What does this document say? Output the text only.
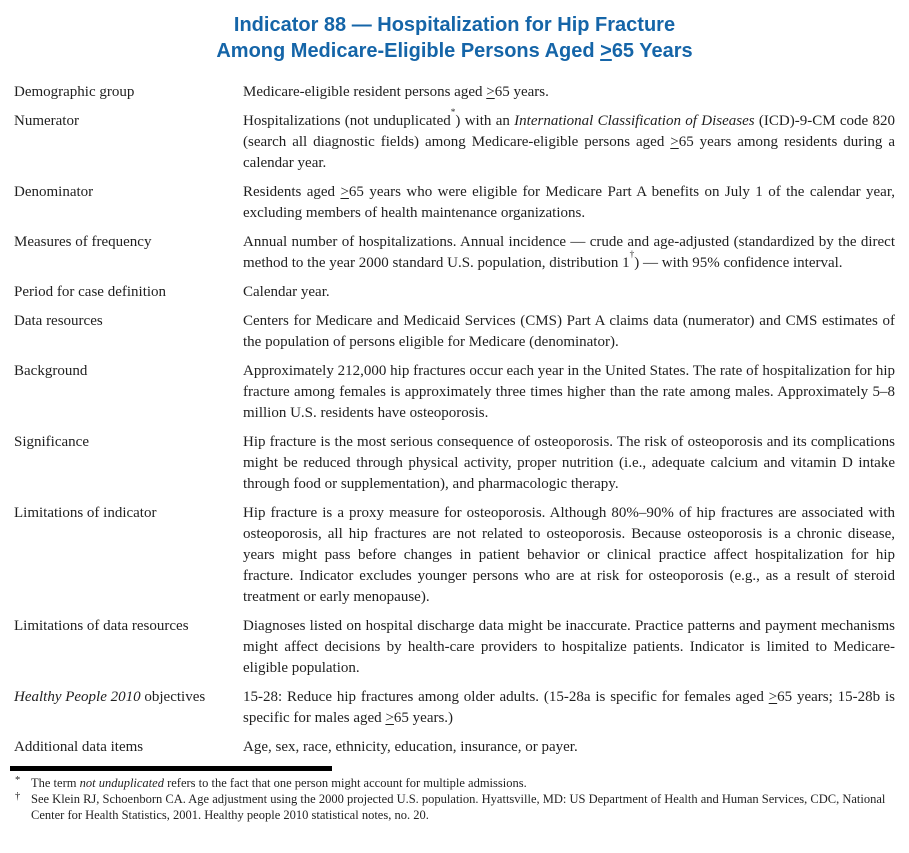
Indicator 88 — Hospitalization for Hip Fracture
Among Medicare-Eligible Persons Aged >65 Years
Demographic group	Medicare-eligible resident persons aged >65 years.
Numerator	Hospitalizations (not unduplicated*) with an International Classification of Diseases (ICD)-9-CM code 820 (search all diagnostic fields) among Medicare-eligible persons aged >65 years among residents during a calendar year.
Denominator	Residents aged >65 years who were eligible for Medicare Part A benefits on July 1 of the calendar year, excluding members of health maintenance organizations.
Measures of frequency	Annual number of hospitalizations. Annual incidence — crude and age-adjusted (standardized by the direct method to the year 2000 standard U.S. population, distribution 1†) — with 95% confidence interval.
Period for case definition	Calendar year.
Data resources	Centers for Medicare and Medicaid Services (CMS) Part A claims data (numerator) and CMS estimates of the population of persons eligible for Medicare (denominator).
Background	Approximately 212,000 hip fractures occur each year in the United States. The rate of hospitalization for hip fracture among females is approximately three times higher than the rate among males. Approximately 5–8 million U.S. residents have osteoporosis.
Significance	Hip fracture is the most serious consequence of osteoporosis. The risk of osteoporosis and its complications might be reduced through physical activity, proper nutrition (i.e., adequate calcium and vitamin D intake through food or supplementation), and pharmacologic therapy.
Limitations of indicator	Hip fracture is a proxy measure for osteoporosis. Although 80%–90% of hip fractures are associated with osteoporosis, all hip fractures are not related to osteoporosis. Because osteoporosis is a chronic disease, years might pass before changes in patient behavior or clinical practice affect hospitalization for hip fracture. Indicator excludes younger persons who are at risk for osteoporosis (e.g., as a result of steroid treatment or early menopause).
Limitations of data resources	Diagnoses listed on hospital discharge data might be inaccurate. Practice patterns and payment mechanisms might affect decisions by health-care providers to hospitalize patients. Indicator is limited to Medicare-eligible population.
Healthy People 2010 objectives	15-28: Reduce hip fractures among older adults. (15-28a is specific for females aged >65 years; 15-28b is specific for males aged >65 years.)
Additional data items	Age, sex, race, ethnicity, education, insurance, or payer.
* The term not unduplicated refers to the fact that one person might account for multiple admissions.
† See Klein RJ, Schoenborn CA. Age adjustment using the 2000 projected U.S. population. Hyattsville, MD: US Department of Health and Human Services, CDC, National Center for Health Statistics, 2001. Healthy people 2010 statistical notes, no. 20.
